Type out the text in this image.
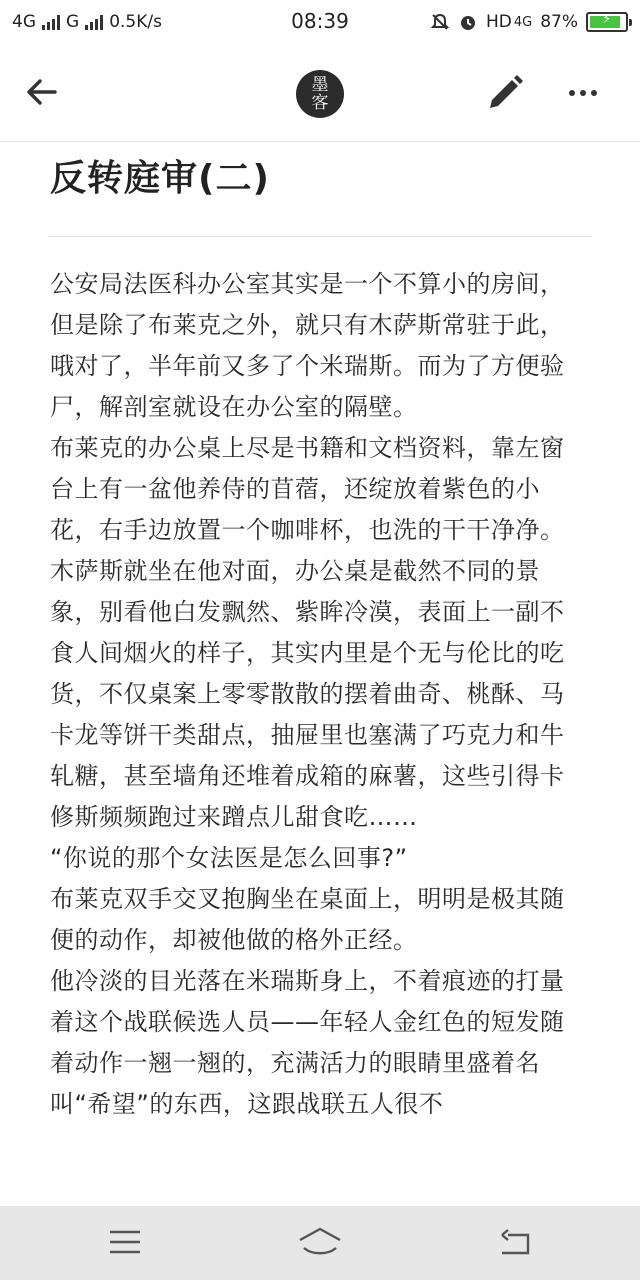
4G G 0.5K/s	08:39	HD 4G 87%	⚡
墨
客
反转庭审(二)

公安局法医科办公室其实是一个不算小的房间，但是除了布莱克之外，就只有木萨斯常驻于此，哦对了，半年前又多了个米瑞斯。而为了方便验尸，解剖室就设在办公室的隔壁。

布莱克的办公桌上尽是书籍和文档资料，靠左窗台上有一盆他养侍的苜蓿，还绽放着紫色的小花，右手边放置一个咖啡杯，也洗的干干净净。

木萨斯就坐在他对面，办公桌是截然不同的景象，别看他白发飘然、紫眸冷漠，表面上一副不食人间烟火的样子，其实内里是个无与伦比的吃货，不仅桌案上零零散散的摆着曲奇、桃酥、马卡龙等饼干类甜点，抽屉里也塞满了巧克力和牛轧糖，甚至墙角还堆着成箱的麻薯，这些引得卡修斯频频跑过来蹭点儿甜食吃……

“你说的那个女法医是怎么回事?”

布莱克双手交叉抱胸坐在桌面上，明明是极其随便的动作，却被他做的格外正经。

他冷淡的目光落在米瑞斯身上，不着痕迹的打量着这个战联候选人员——年轻人金红色的短发随着动作一翘一翘的，充满活力的眼睛里盛着名叫“希望”的东西，这跟战联五人很不
